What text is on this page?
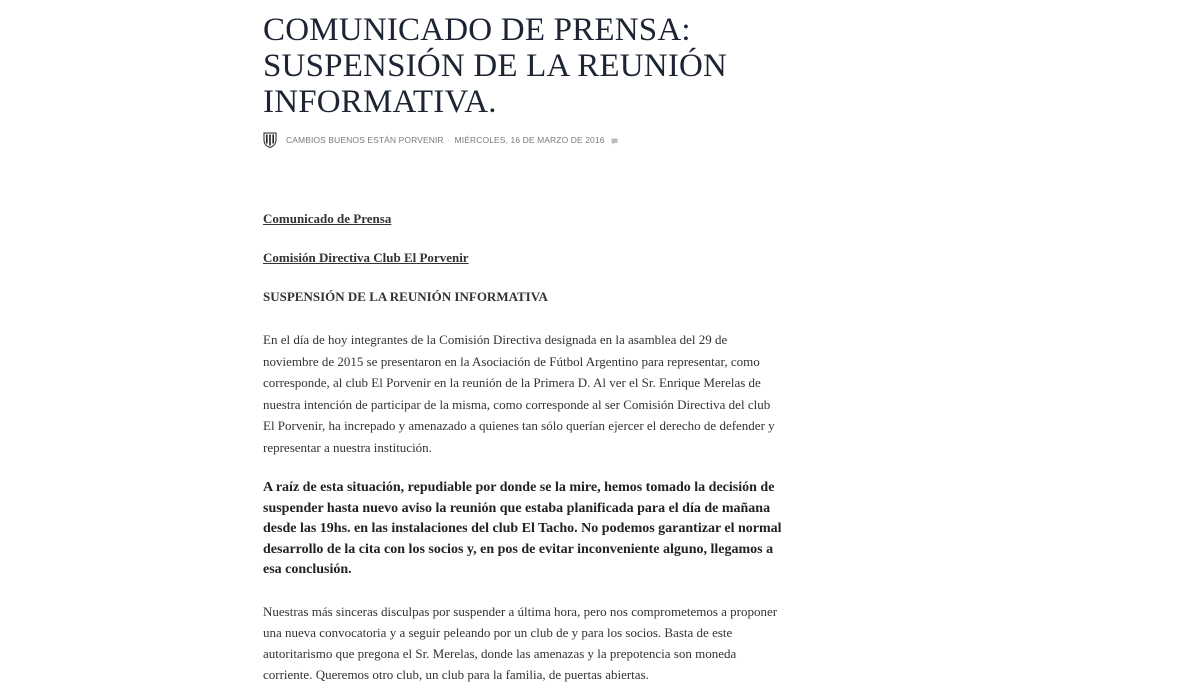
COMUNICADO DE PRENSA: SUSPENSIÓN DE LA REUNIÓN INFORMATIVA.
CAMBIOS BUENOS ESTÁN PORVENIR · MIÉRCOLES, 16 DE MARZO DE 2016

Comunicado de Prensa

Comisión Directiva Club El Porvenir

SUSPENSIÓN DE LA REUNIÓN INFORMATIVA

En el día de hoy integrantes de la Comisión Directiva designada en la asamblea del 29 de noviembre de 2015 se presentaron en la Asociación de Fútbol Argentino para representar, como corresponde, al club El Porvenir en la reunión de la Primera D. Al ver el Sr. Enrique Merelas de nuestra intención de participar de la misma, como corresponde al ser Comisión Directiva del club El Porvenir, ha increpado y amenazado a quienes tan sólo querían ejercer el derecho de defender y representar a nuestra institución.

A raíz de esta situación, repudiable por donde se la mire, hemos tomado la decisión de suspender hasta nuevo aviso la reunión que estaba planificada para el día de mañana desde las 19hs. en las instalaciones del club El Tacho. No podemos garantizar el normal desarrollo de la cita con los socios y, en pos de evitar inconveniente alguno, llegamos a esa conclusión.

Nuestras más sinceras disculpas por suspender a última hora, pero nos comprometemos a proponer una nueva convocatoria y a seguir peleando por un club de y para los socios. Basta de este autoritarismo que pregona el Sr. Merelas, donde las amenazas y la prepotencia son moneda corriente. Queremos otro club, un club para la familia, de puertas abiertas.
